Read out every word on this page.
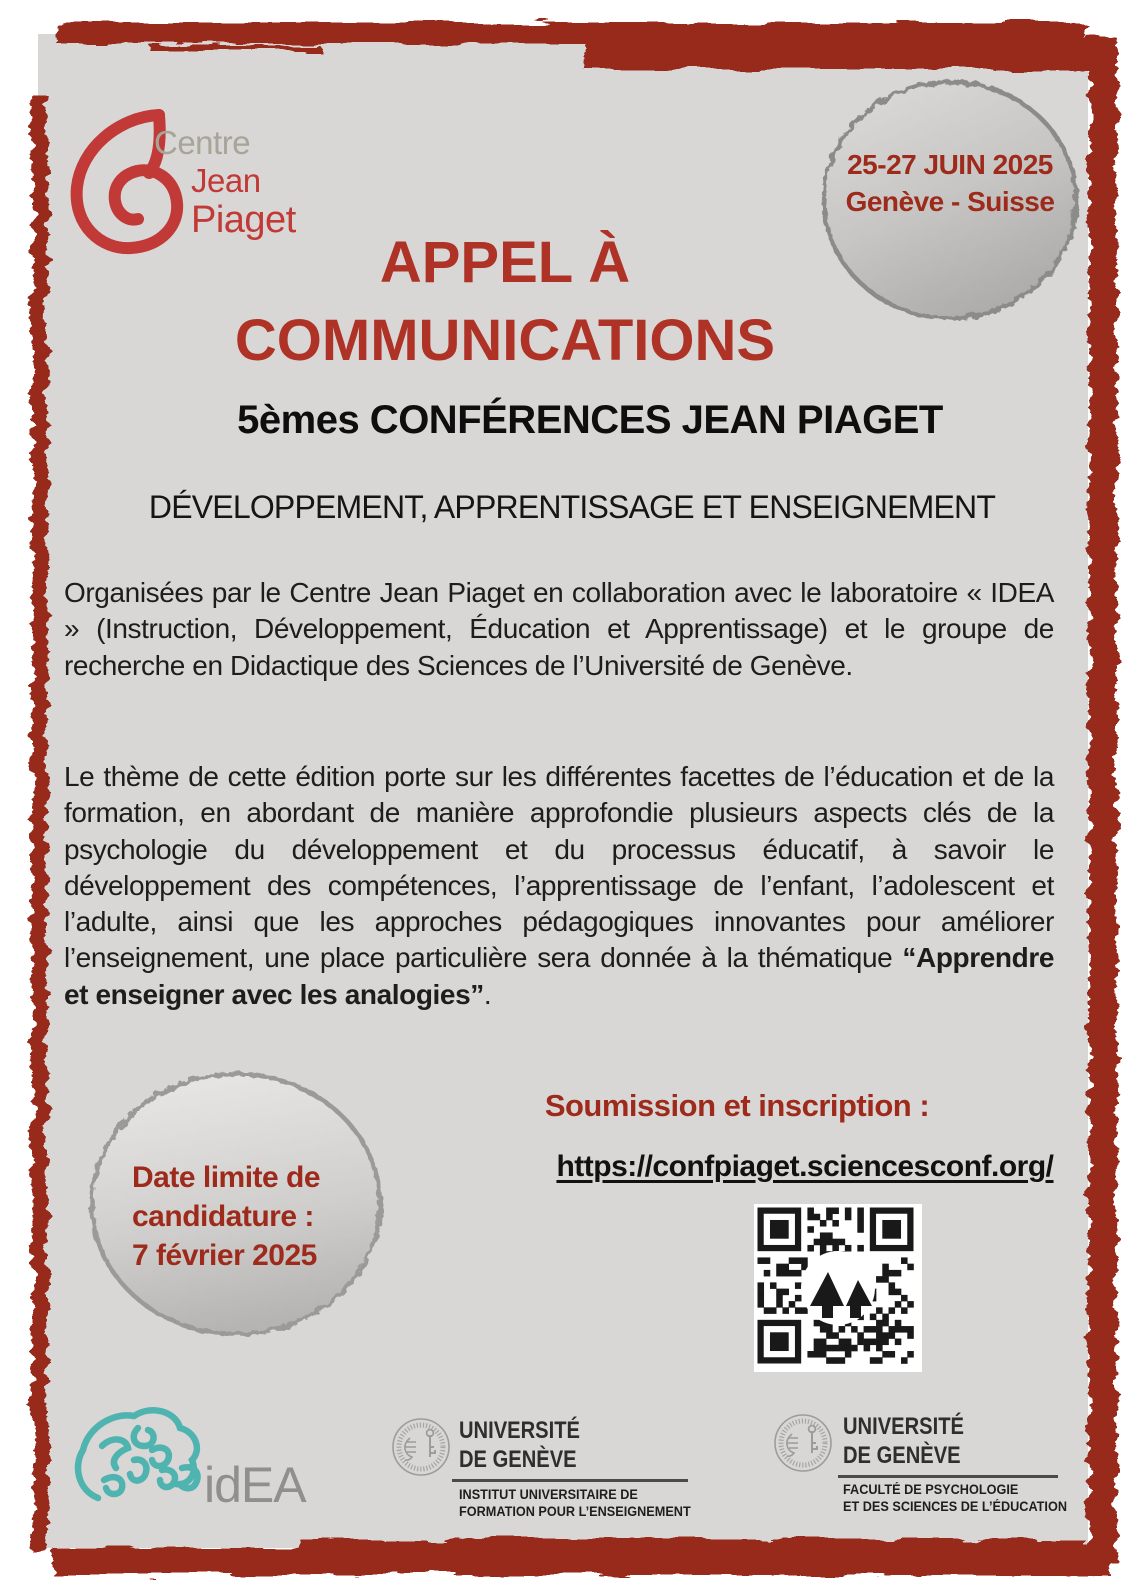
Centre
Jean
Piaget
25-27 JUIN 2025
Genève - Suisse
APPEL À
COMMUNICATIONS
5èmes CONFÉRENCES JEAN PIAGET
DÉVELOPPEMENT, APPRENTISSAGE ET ENSEIGNEMENT
Organisées par le Centre Jean Piaget en collaboration avec le laboratoire « IDEA » (Instruction, Développement, Éducation et Apprentissage) et le groupe de recherche en Didactique des Sciences de l’Université de Genève.
Le thème de cette édition porte sur les différentes facettes de l’éducation et de la formation, en abordant de manière approfondie plusieurs aspects clés de la psychologie du développement et du processus éducatif, à savoir le développement des compétences, l’apprentissage de l’enfant, l’adolescent et l’adulte, ainsi que les approches pédagogiques innovantes pour améliorer l’enseignement, une place particulière sera donnée à la thématique “Apprendre et enseigner avec les analogies”.
Soumission et inscription :
https://confpiaget.sciencesconf.org/
Date limite de
candidature :
7 février 2025
idEA
UNIVERSITÉ
DE GENÈVE
INSTITUT UNIVERSITAIRE DE
FORMATION POUR L’ENSEIGNEMENT
UNIVERSITÉ
DE GENÈVE
FACULTÉ DE PSYCHOLOGIE
ET DES SCIENCES DE L’ÉDUCATION
